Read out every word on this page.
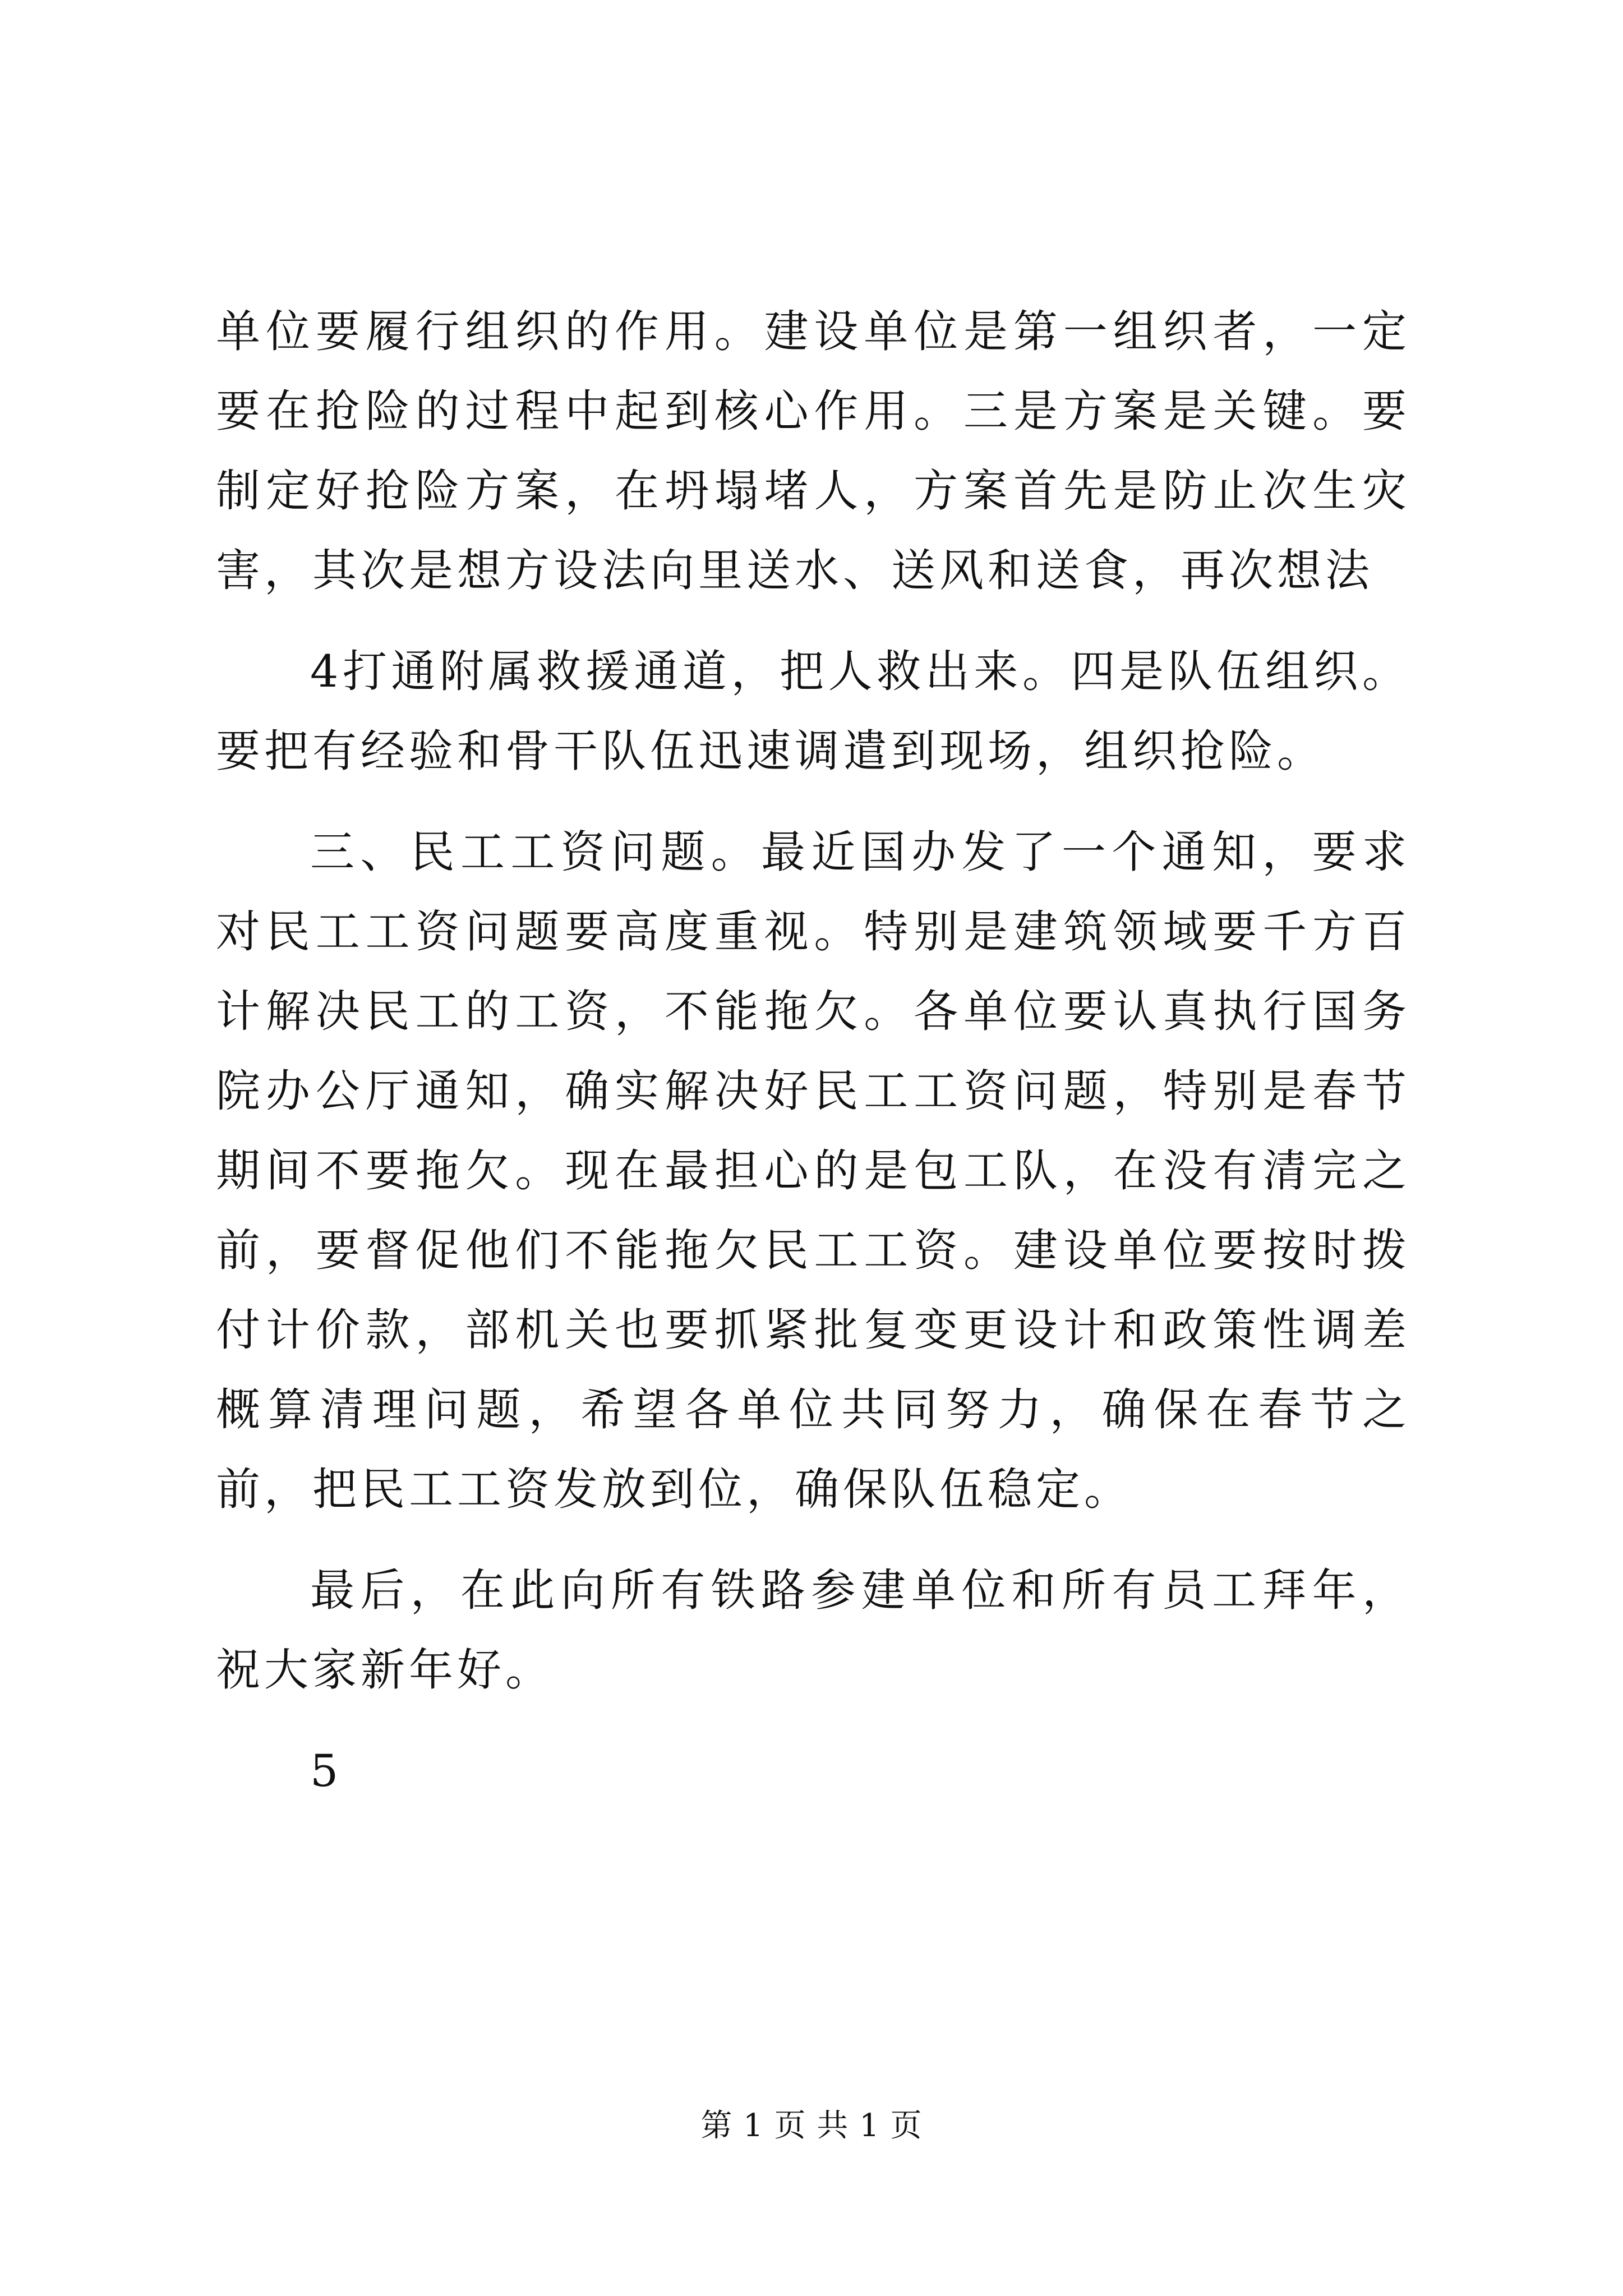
单位要履行组织的作用。建设单位是第一组织者，一定要在抢险的过程中起到核心作用。三是方案是关键。要制定好抢险方案，在坍塌堵人，方案首先是防止次生灾害，其次是想方设法向里送水、送风和送食，再次想法

4打通附属救援通道，把人救出来。四是队伍组织。要把有经验和骨干队伍迅速调遣到现场，组织抢险。

三、民工工资问题。最近国办发了一个通知，要求对民工工资问题要高度重视。特别是建筑领域要千方百计解决民工的工资，不能拖欠。各单位要认真执行国务院办公厅通知，确实解决好民工工资问题，特别是春节期间不要拖欠。现在最担心的是包工队，在没有清完之前，要督促他们不能拖欠民工工资。建设单位要按时拨付计价款，部机关也要抓紧批复变更设计和政策性调差概算清理问题，希望各单位共同努力，确保在春节之前，把民工工资发放到位，确保队伍稳定。

最后，在此向所有铁路参建单位和所有员工拜年，祝大家新年好。

5

第 1 页 共 1 页
